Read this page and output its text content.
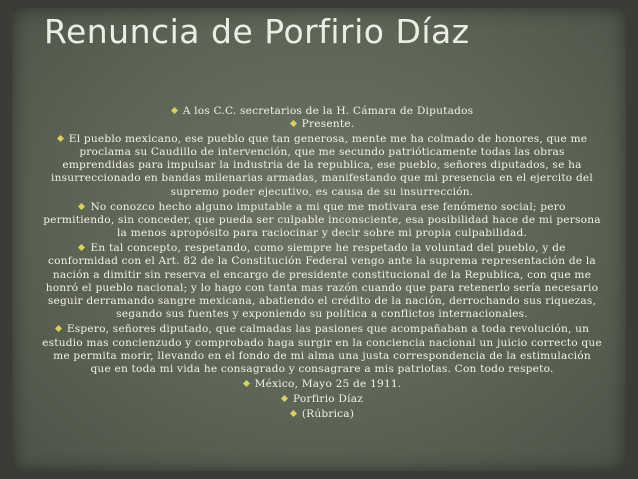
Renuncia de Porfirio Díaz

A los C.C. secretarios de la H. Cámara de Diputados

Presente.

El pueblo mexicano, ese pueblo que tan generosa, mente me ha colmado de honores, que me proclama su Caudillo de intervención, que me secundo patrióticamente todas las obras emprendidas para impulsar la industria de la republica, ese pueblo, señores diputados, se ha insurreccionado en bandas milenarias armadas, manifestando que mi presencia en el ejercito del supremo poder ejecutivo, es causa de su insurrección.

No conozco hecho alguno imputable a mi que me motivara ese fenómeno social; pero permitiendo, sin conceder, que pueda ser culpable inconsciente, esa posibilidad hace de mi persona la menos apropósito para raciocinar y decir sobre mi propia culpabilidad.

En tal concepto, respetando, como siempre he respetado la voluntad del pueblo, y de conformidad con el Art. 82 de la Constitución Federal vengo ante la suprema representación de la nación a dimitir sin reserva el encargo de presidente constitucional de la Republica, con que me honró el pueblo nacional; y lo hago con tanta mas razón cuando que para retenerlo sería necesario seguir derramando sangre mexicana, abatiendo el crédito de la nación, derrochando sus riquezas, segando sus fuentes y exponiendo su política a conflictos internacionales.

Espero, señores diputado, que calmadas las pasiones que acompañaban a toda revolución, un estudio mas concienzudo y comprobado haga surgir en la conciencia nacional un juicio correcto que me permita morir, llevando en el fondo de mi alma una justa correspondencia de la estimulación que en toda mi vida he consagrado y consagrare a mis patriotas. Con todo respeto.

México, Mayo 25 de 1911.

Porfirio Díaz

(Rúbrica)
